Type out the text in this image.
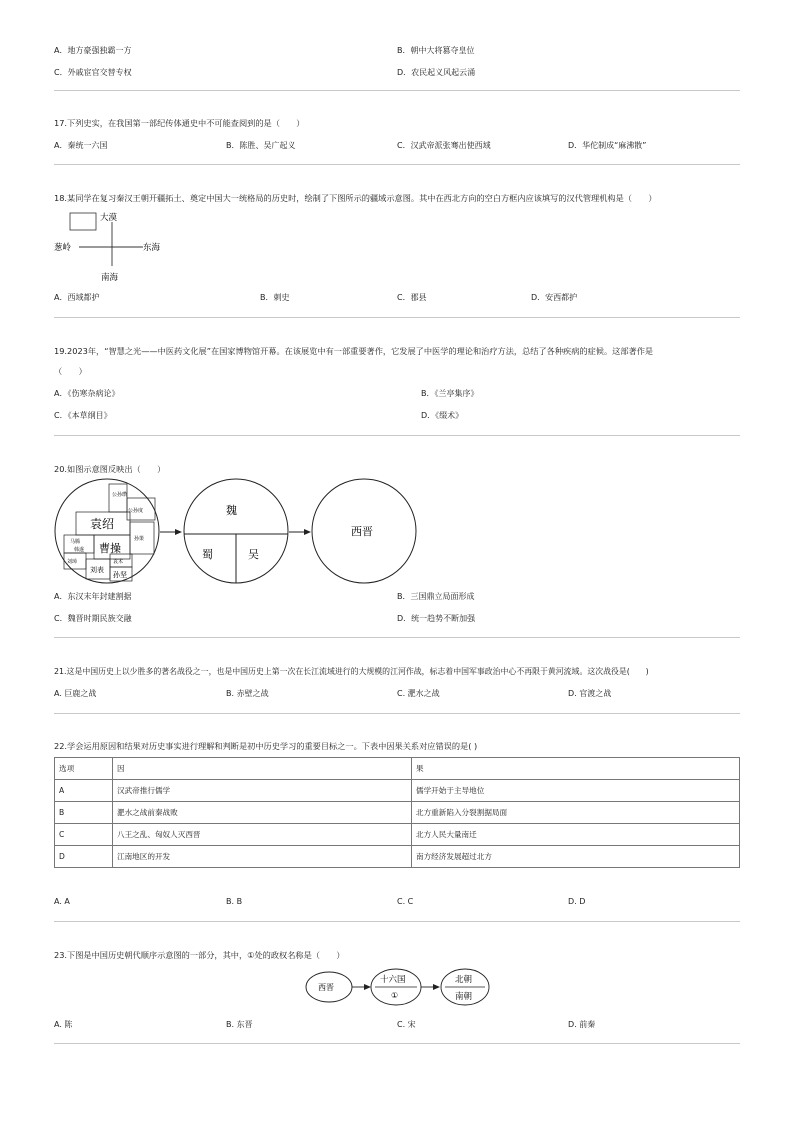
A．地方豪强独霸一方	B．朝中大将篡夺皇位
C．外戚宦官交替专权	D．农民起义风起云涌
17.下列史实，在我国第一部纪传体通史中不可能查阅到的是（　　）
A．秦统一六国	B．陈胜、吴广起义	C．汉武帝派张骞出使西域	D．华佗制成“麻沸散”
18.某同学在复习秦汉王朝开疆拓土、奠定中国大一统格局的历史时，绘制了下图所示的疆域示意图。其中在西北方向的空白方框内应该填写的汉代管理机构是（　　）
大漠
葱岭	东海
南海
A．西域都护	B．刺史	C．郡县	D．安西都护
19.2023年，“智慧之光——中医药文化展”在国家博物馆开幕。在该展览中有一部重要著作，它发展了中医学的理论和治疗方法，总结了各种疾病的症候。这部著作是
（　　）
A．《伤寒杂病论》	B．《兰亭集序》
C．《本草纲目》	D．《缀术》
20.如图示意图反映出（　　）
袁绍
曹操
公孙瓒
公孙度
马腾
韩遂
刘璋
刘表
孙策
袁术
孙坚
魏
蜀	吴
西晋
A．东汉末年封建割据	B．三国鼎立局面形成
C．魏晋时期民族交融	D．统一趋势不断加强
21.这是中国历史上以少胜多的著名战役之一，也是中国历史上第一次在长江流域进行的大规模的江河作战，标志着中国军事政治中心不再限于黄河流域。这次战役是(　　)
A. 巨鹿之战	B. 赤壁之战	C. 淝水之战	D. 官渡之战
22.学会运用原因和结果对历史事实进行理解和判断是初中历史学习的重要目标之一。下表中因果关系对应错误的是( )
选项	因	果
A	汉武帝推行儒学	儒学开始于主导地位
B	淝水之战前秦战败	北方重新陷入分裂割据局面
C	八王之乱、匈奴人灭西晋	北方人民大量南迁
D	江南地区的开发	南方经济发展超过北方
A. A	B. B	C. C	D. D
23.下图是中国历史朝代顺序示意图的一部分，其中，①处的政权名称是（　　）
西晋
十六国
①
北朝
南朝
A. 陈	B. 东晋	C. 宋	D. 前秦
